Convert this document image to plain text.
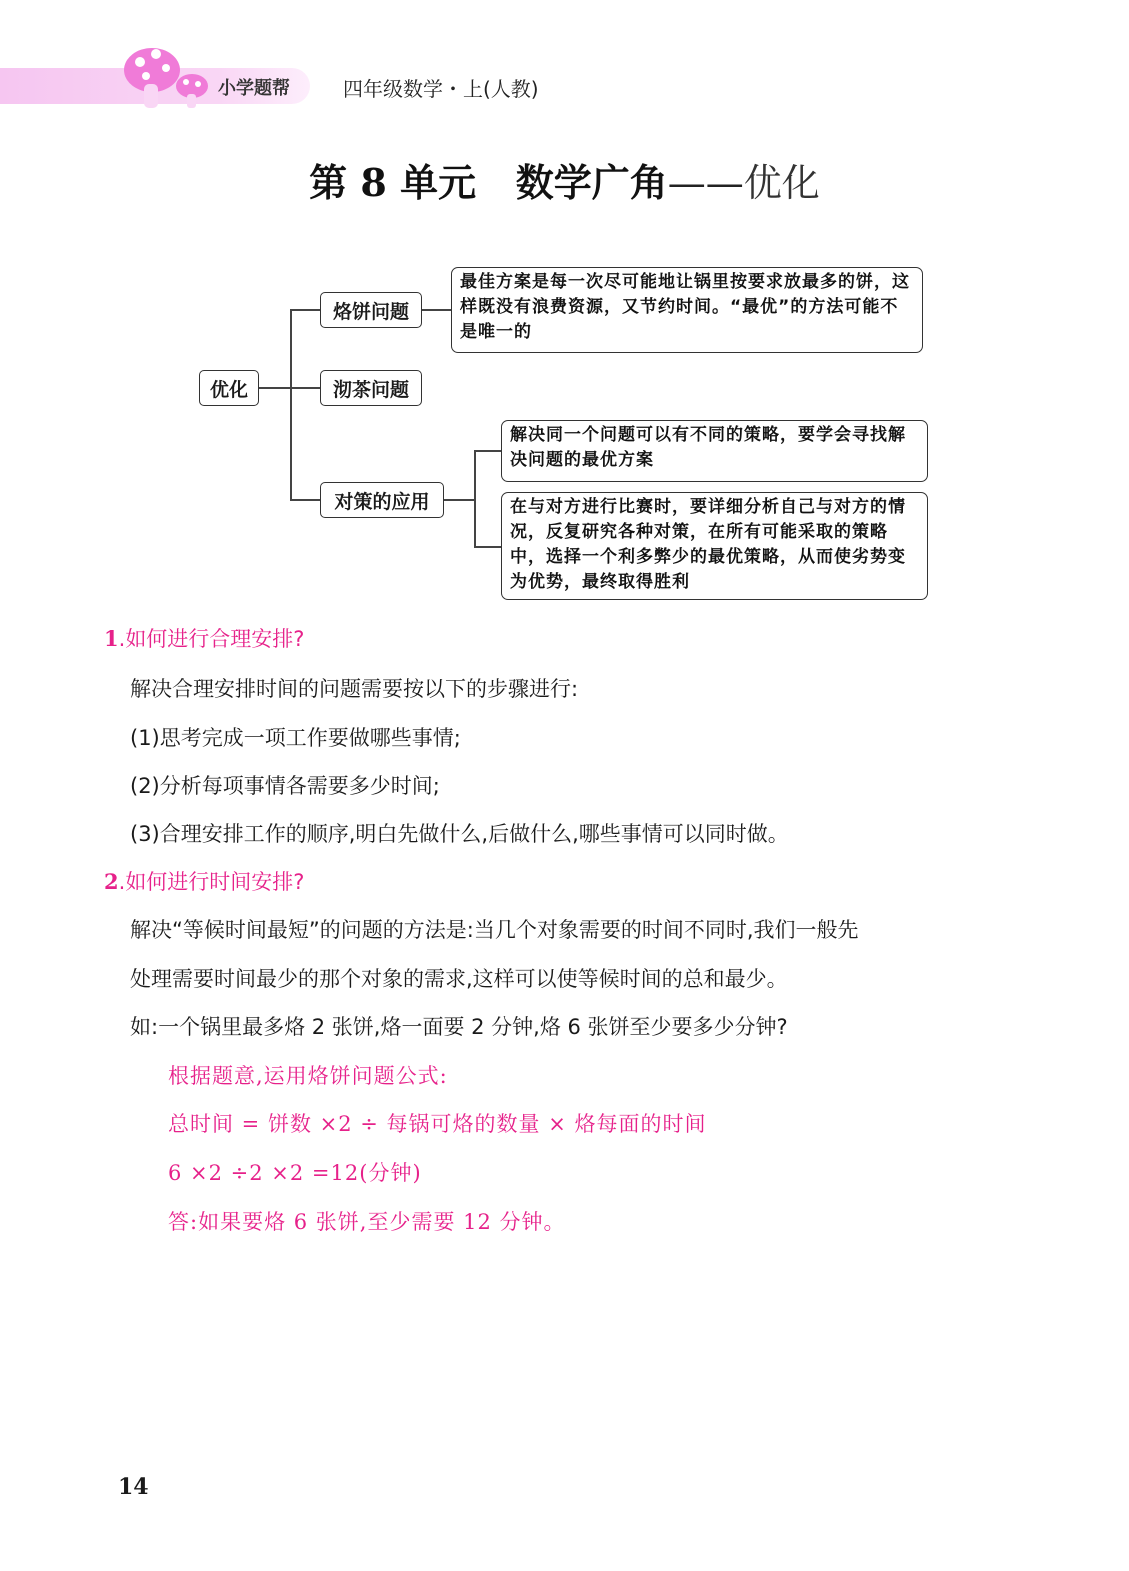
小学题帮	四年级数学・上(人教)
第 8 单元 数学广角——优化
优化
烙饼问题
沏茶问题
对策的应用
最佳方案是每一次尽可能地让锅里按要求放最多的饼，这样既没有浪费资源，又节约时间。“最优”的方法可能不是唯一的
解决同一个问题可以有不同的策略，要学会寻找解决问题的最优方案
在与对方进行比赛时，要详细分析自己与对方的情况，反复研究各种对策，在所有可能采取的策略中，选择一个利多弊少的最优策略，从而使劣势变为优势，最终取得胜利
1.如何进行合理安排?
解决合理安排时间的问题需要按以下的步骤进行:
(1)思考完成一项工作要做哪些事情;
(2)分析每项事情各需要多少时间;
(3)合理安排工作的顺序,明白先做什么,后做什么,哪些事情可以同时做。
2.如何进行时间安排?
解决“等候时间最短”的问题的方法是:当几个对象需要的时间不同时,我们一般先
处理需要时间最少的那个对象的需求,这样可以使等候时间的总和最少。
如:一个锅里最多烙 2 张饼,烙一面要 2 分钟,烙 6 张饼至少要多少分钟?
根据题意,运用烙饼问题公式:
总时间 = 饼数 ×2 ÷ 每锅可烙的数量 × 烙每面的时间
6 ×2 ÷2 ×2 =12(分钟)
答:如果要烙 6 张饼,至少需要 12 分钟。
14
